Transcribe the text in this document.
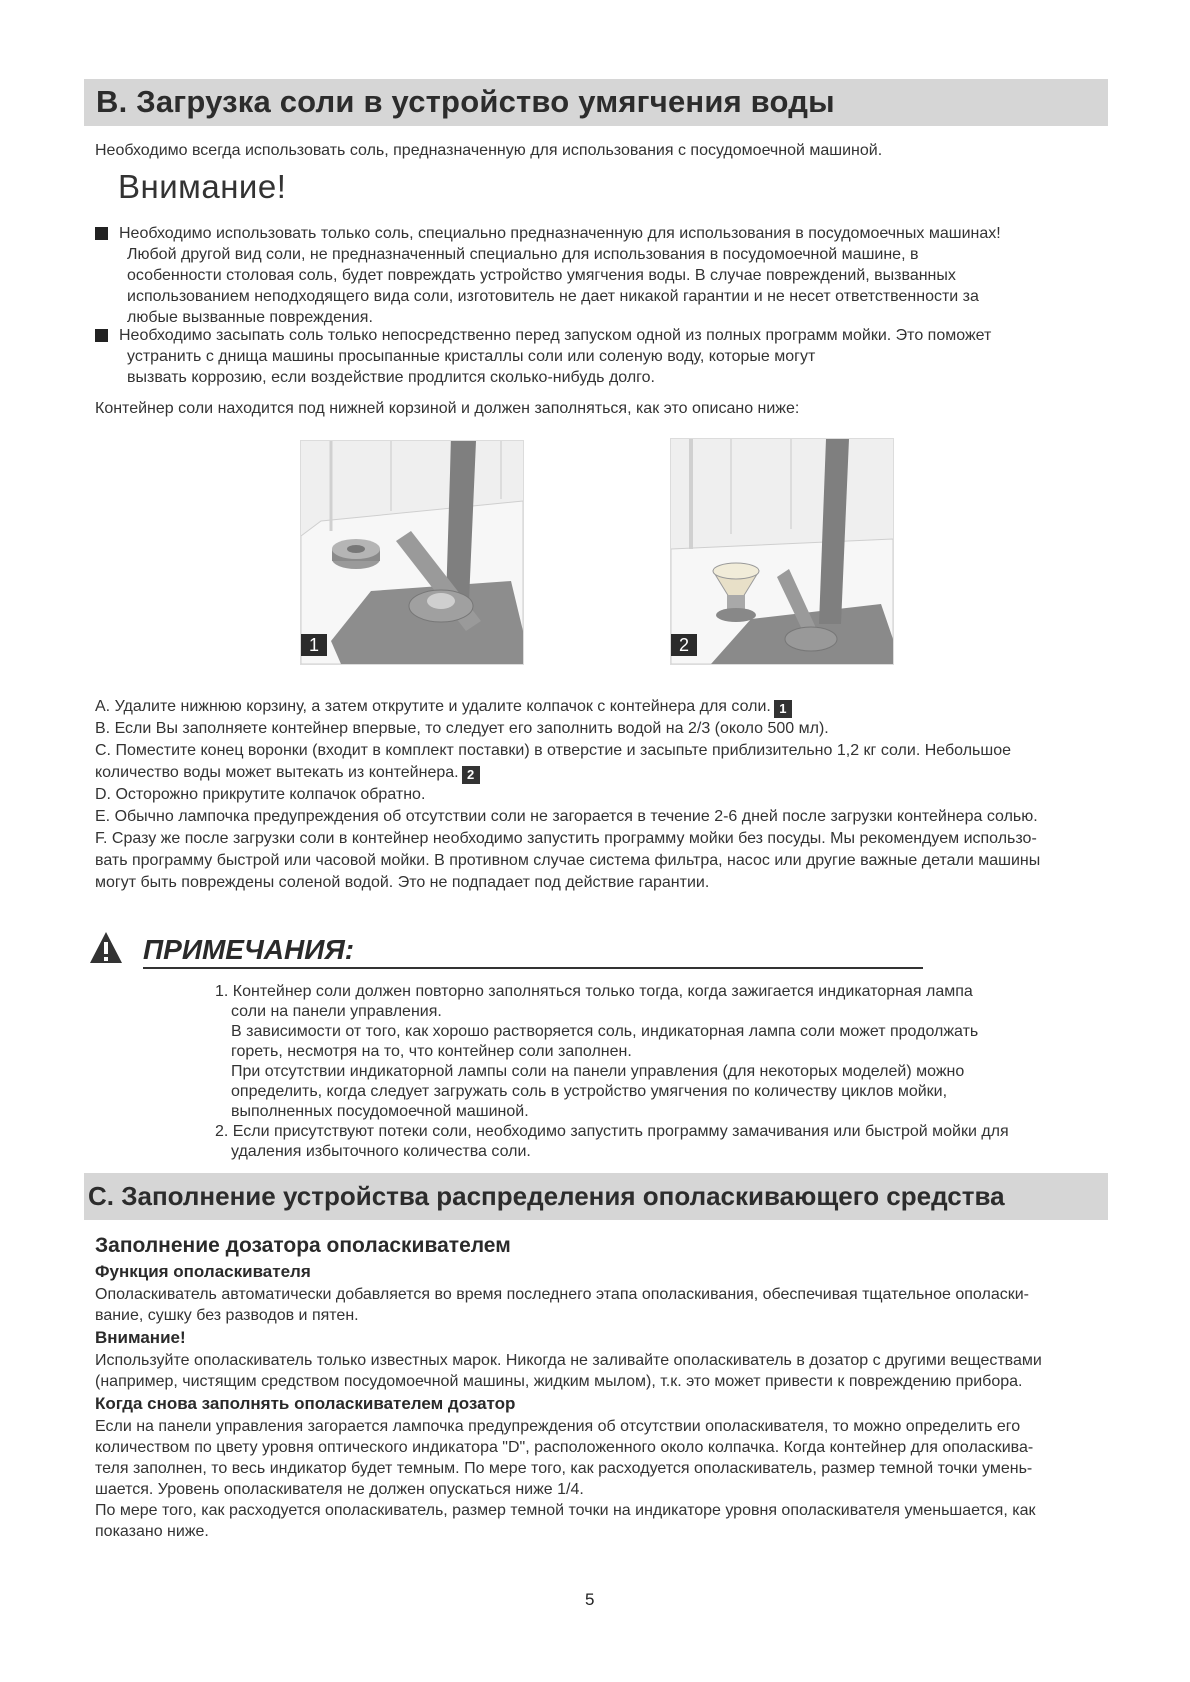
B. Загрузка соли в устройство умягчения воды

Необходимо всегда использовать соль, предназначенную для использования с посудомоечной машиной.

Внимание!

Необходимо использовать только соль, специально предназначенную для использования в посудомоечных машинах!

Любой другой вид соли, не предназначенный специально для использования в посудомоечной машине, в

особенности столовая соль, будет повреждать устройство умягчения воды. В случае повреждений, вызванных

использованием неподходящего вида соли, изготовитель не дает никакой гарантии и не несет ответственности за

любые вызванные повреждения.

Необходимо засыпать соль только непосредственно перед запуском одной из полных программ мойки. Это поможет

устранить с днища машины просыпанные кристаллы соли или соленую воду, которые могут

вызвать коррозию, если воздействие продлится сколько-нибудь долго.

Контейнер соли находится под нижней корзиной и должен заполняться, как это описано ниже:

1	2

A. Удалите нижнюю корзину, а затем открутите и удалите колпачок с контейнера для соли. 1

B. Если Вы заполняете контейнер впервые, то следует его заполнить водой на 2/3 (около 500 мл).

C. Поместите конец воронки (входит в комплект поставки) в отверстие и засыпьте приблизительно 1,2 кг соли. Небольшое

количество воды может вытекать из контейнера. 2

D. Осторожно прикрутите колпачок обратно.

E. Обычно лампочка предупреждения об отсутствии соли не загорается в течение 2-6 дней после загрузки контейнера солью.

F. Сразу же после загрузки соли в контейнер необходимо запустить программу мойки без посуды. Мы рекомендуем использо-

вать программу быстрой или часовой мойки. В противном случае система фильтра, насос или другие важные детали машины

могут быть повреждены соленой водой. Это не подпадает под действие гарантии.

ПРИМЕЧАНИЯ:

1. Контейнер соли должен повторно заполняться только тогда, когда зажигается индикаторная лампа

соли на панели управления.

В зависимости от того, как хорошо растворяется соль, индикаторная лампа соли может продолжать

гореть, несмотря на то, что контейнер соли заполнен.

При отсутствии индикаторной лампы соли на панели управления (для некоторых моделей) можно

определить, когда следует загружать соль в устройство умягчения по количеству циклов мойки,

выполненных посудомоечной машиной.

2. Если присутствуют потеки соли, необходимо запустить программу замачивания или быстрой мойки для

удаления избыточного количества соли.

C. Заполнение устройства распределения ополаскивающего средства
Заполнение дозатора ополаскивателем
Функция ополаскивателя

Ополаскиватель автоматически добавляется во время последнего этапа ополаскивания, обеспечивая тщательное ополаски-

вание, сушку без разводов и пятен.

Внимание!

Используйте ополаскиватель только известных марок. Никогда не заливайте ополаскиватель в дозатор с другими веществами

(например, чистящим средством посудомоечной машины, жидким мылом), т.к. это может привести к повреждению прибора.

Когда снова заполнять ополаскивателем дозатор

Если на панели управления загорается лампочка предупреждения об отсутствии ополаскивателя, то можно определить его

количеством по цвету уровня оптического индикатора "D", расположенного около колпачка. Когда контейнер для ополаскива-

теля заполнен, то весь индикатор будет темным. По мере того, как расходуется ополаскиватель, размер темной точки умень-

шается. Уровень ополаскивателя не должен опускаться ниже 1/4.

По мере того, как расходуется ополаскиватель, размер темной точки на индикаторе уровня ополаскивателя уменьшается, как

показано ниже.

5
